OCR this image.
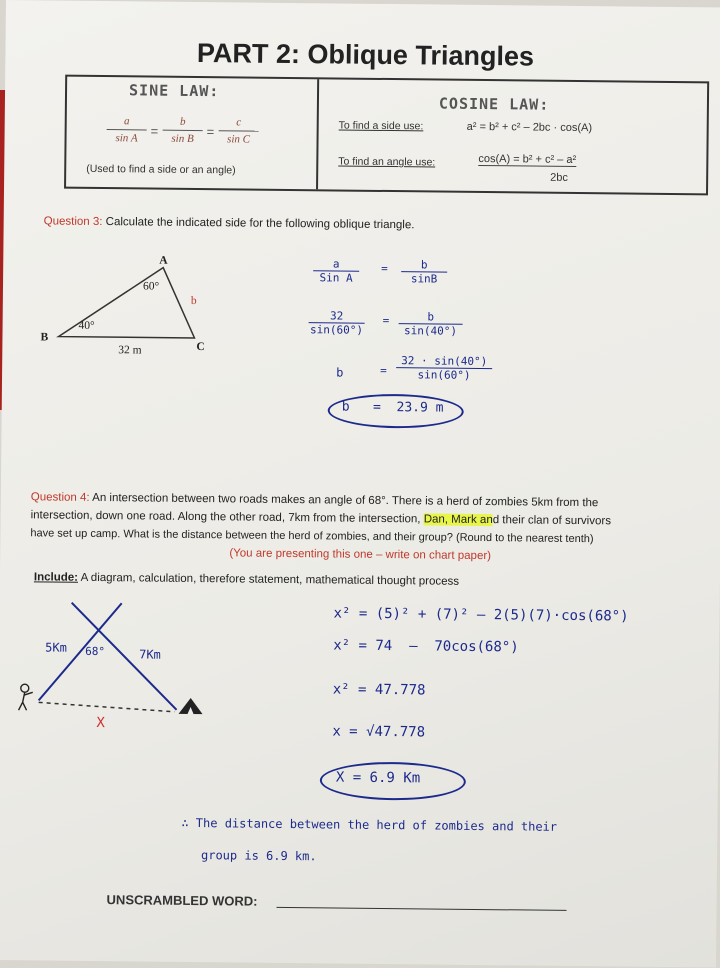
PART 2: Oblique Triangles
SINE LAW:
$\frac{a}{\text{sin A}} = \frac{b}{\text{sin B}} = \frac{c}{\text{sin C}}$
(Used to find a side or an angle)
COSINE LAW:
To find a side use:	a² = b² + c² – 2bc · cos(A)
To find an angle use:	cos(A) = b² + c² – a²
2bc
Question 3: Calculate the indicated side for the following oblique triangle.
A
B
C
60°
40°
b
32 m
a
Sin A
= $\frac{b}{\sin B}$
$\frac{32}{\sin(60^\circ)} = \frac{b}{\sin(40^\circ)}$
b	= $\frac{32 \cdot \sin(40^\circ)}{\sin(60^\circ)}$
b   =  23.9 m
Question 4: An intersection between two roads makes an angle of 68°. There is a herd of zombies 5km from the
intersection, down one road. Along the other road, 7km from the intersection, Dan, Mark and their clan of survivors
have set up camp. What is the distance between the herd of zombies, and their group? (Round to the nearest tenth)
(You are presenting this one – write on chart paper)
Include: A diagram, calculation, therefore statement, mathematical thought process
5Km 68°	7Km
X
x² = (5)² + (7)² – 2(5)(7)·cos(68°)
x² = 74  –  70cos(68°)
x² = 47.778
x = √47.778
X = 6.9 Km
∴ The distance between the herd of zombies and their
group is 6.9 km.
UNSCRAMBLED WORD:
